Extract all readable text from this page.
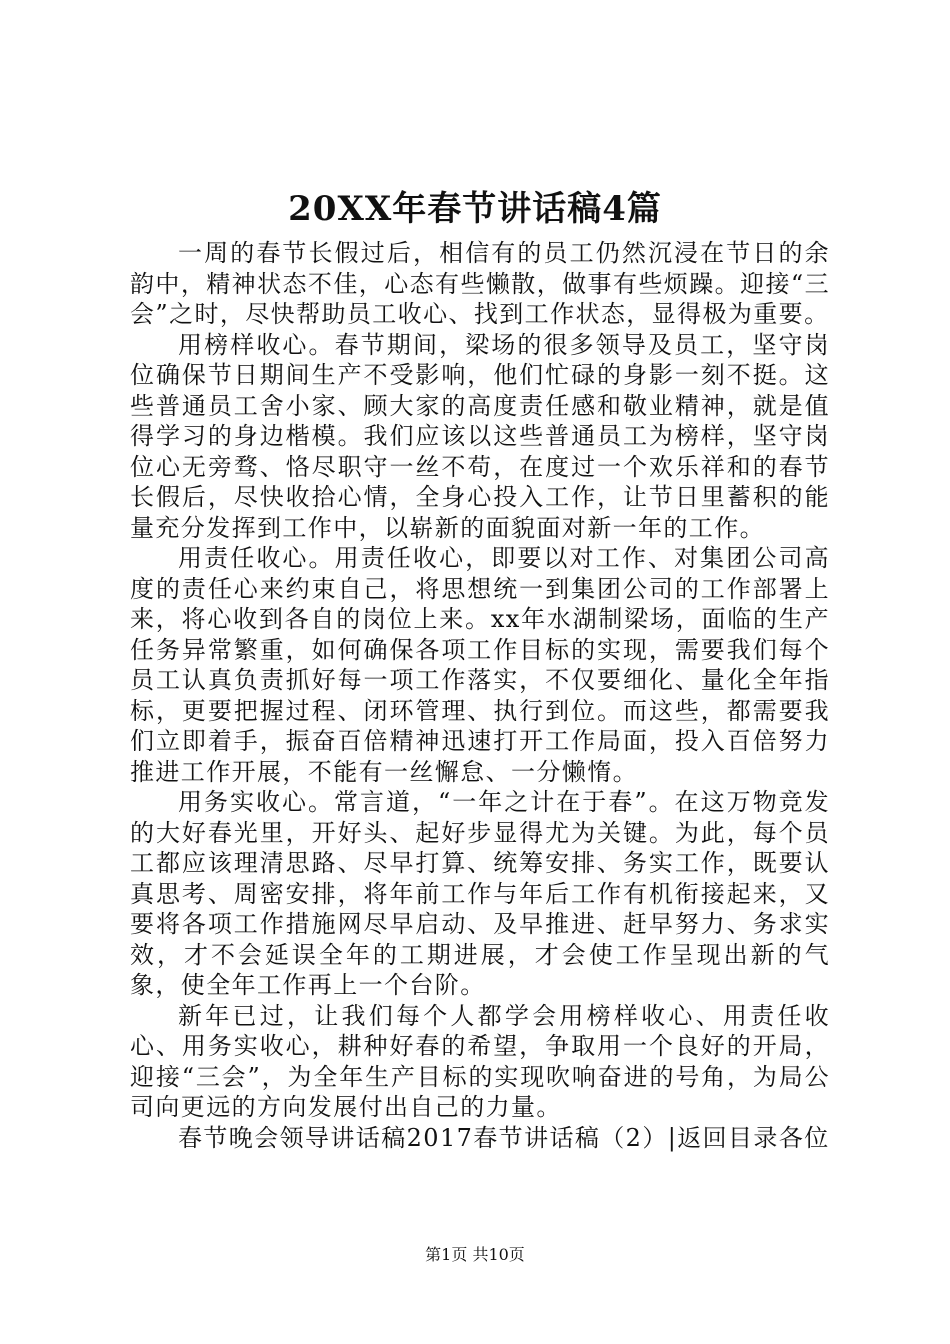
20XX年春节讲话稿4篇

一周的春节长假过后，相信有的员工仍然沉浸在节日的余韵中，精神状态不佳，心态有些懒散，做事有些烦躁。迎接“三会”之时，尽快帮助员工收心、找到工作状态，显得极为重要。

用榜样收心。春节期间，梁场的很多领导及员工，坚守岗位确保节日期间生产不受影响，他们忙碌的身影一刻不挺。这些普通员工舍小家、顾大家的高度责任感和敬业精神，就是值得学习的身边楷模。我们应该以这些普通员工为榜样，坚守岗位心无旁骛、恪尽职守一丝不苟，在度过一个欢乐祥和的春节长假后，尽快收拾心情，全身心投入工作，让节日里蓄积的能量充分发挥到工作中，以崭新的面貌面对新一年的工作。

用责任收心。用责任收心，即要以对工作、对集团公司高度的责任心来约束自己，将思想统一到集团公司的工作部署上来，将心收到各自的岗位上来。xx年水湖制梁场，面临的生产任务异常繁重，如何确保各项工作目标的实现，需要我们每个员工认真负责抓好每一项工作落实，不仅要细化、量化全年指标，更要把握过程、闭环管理、执行到位。而这些，都需要我们立即着手，振奋百倍精神迅速打开工作局面，投入百倍努力推进工作开展，不能有一丝懈怠、一分懒惰。

用务实收心。常言道，“一年之计在于春”。在这万物竞发的大好春光里，开好头、起好步显得尤为关键。为此，每个员工都应该理清思路、尽早打算、统筹安排、务实工作，既要认真思考、周密安排，将年前工作与年后工作有机衔接起来，又要将各项工作措施网尽早启动、及早推进、赶早努力、务求实效，才不会延误全年的工期进展，才会使工作呈现出新的气象，使全年工作再上一个台阶。

新年已过，让我们每个人都学会用榜样收心、用责任收心、用务实收心，耕种好春的希望，争取用一个良好的开局，迎接“三会”，为全年生产目标的实现吹响奋进的号角，为局公司向更远的方向发展付出自己的力量。

春节晚会领导讲话稿2017春节讲话稿（2）|返回目录各位

第1页 共10页
